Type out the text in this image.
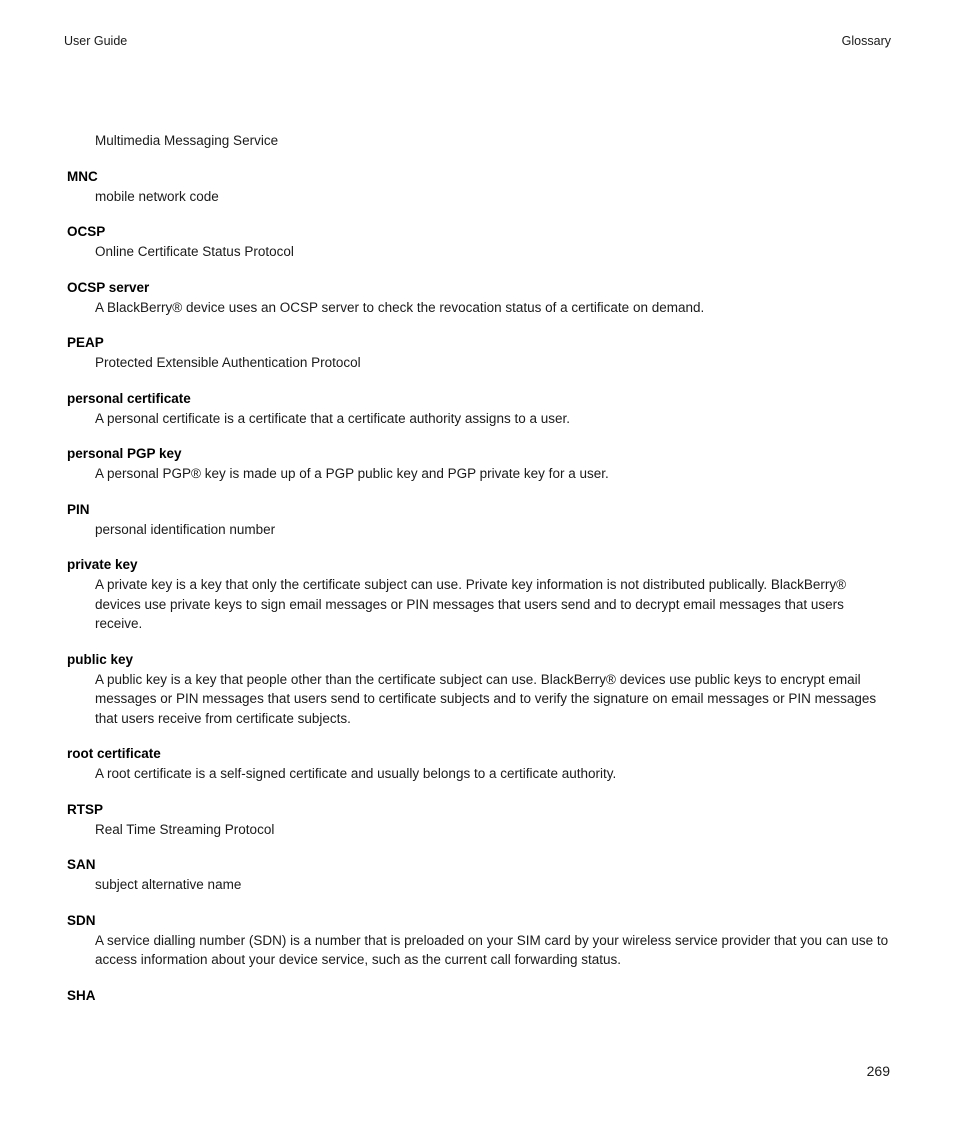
User Guide	Glossary
Multimedia Messaging Service
MNC
mobile network code
OCSP
Online Certificate Status Protocol
OCSP server
A BlackBerry® device uses an OCSP server to check the revocation status of a certificate on demand.
PEAP
Protected Extensible Authentication Protocol
personal certificate
A personal certificate is a certificate that a certificate authority assigns to a user.
personal PGP key
A personal PGP® key is made up of a PGP public key and PGP private key for a user.
PIN
personal identification number
private key
A private key is a key that only the certificate subject can use. Private key information is not distributed publically. BlackBerry® devices use private keys to sign email messages or PIN messages that users send and to decrypt email messages that users receive.
public key
A public key is a key that people other than the certificate subject can use. BlackBerry® devices use public keys to encrypt email messages or PIN messages that users send to certificate subjects and to verify the signature on email messages or PIN messages that users receive from certificate subjects.
root certificate
A root certificate is a self-signed certificate and usually belongs to a certificate authority.
RTSP
Real Time Streaming Protocol
SAN
subject alternative name
SDN
A service dialling number (SDN) is a number that is preloaded on your SIM card by your wireless service provider that you can use to access information about your device service, such as the current call forwarding status.
SHA
269
